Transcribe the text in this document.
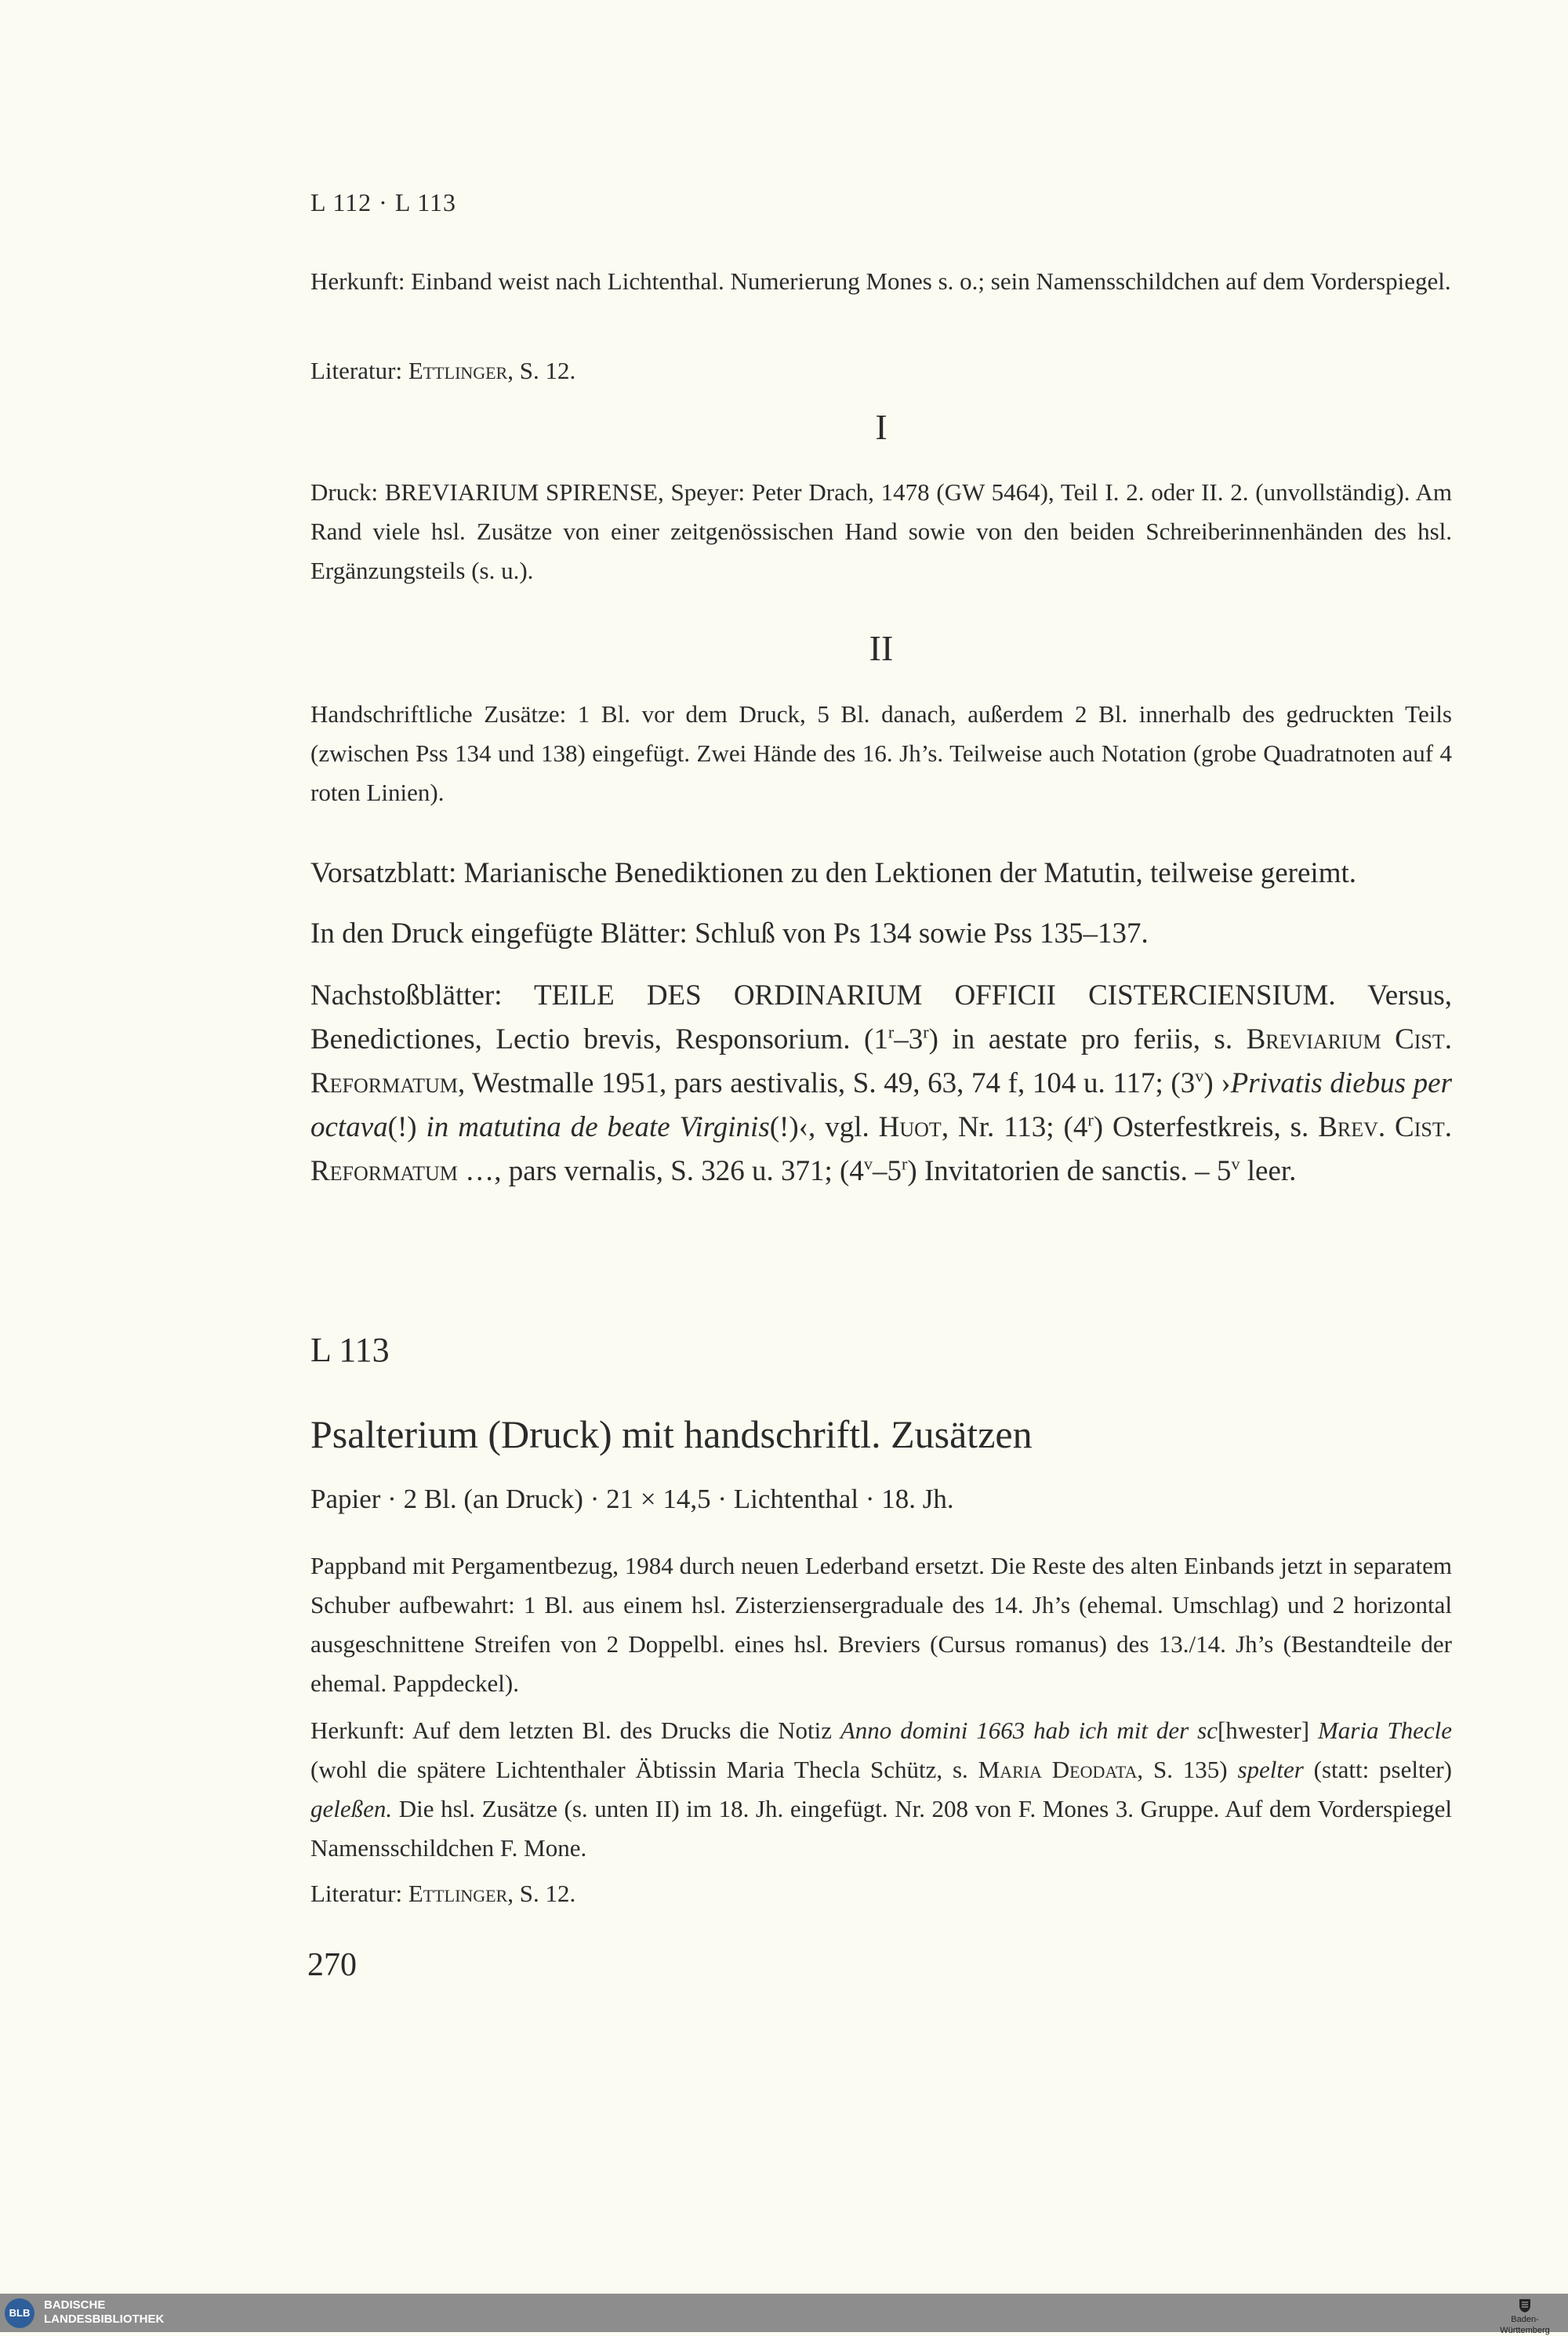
L 112 · L 113

Herkunft: Einband weist nach Lichtenthal. Numerierung Mones s. o.; sein Namensschildchen auf dem Vorderspiegel.

Literatur: Ettlinger, S. 12.

I

Druck: BREVIARIUM SPIRENSE, Speyer: Peter Drach, 1478 (GW 5464), Teil I. 2. oder II. 2. (unvollständig). Am Rand viele hsl. Zusätze von einer zeitgenössischen Hand sowie von den beiden Schreiberinnenhänden des hsl. Ergänzungsteils (s. u.).

II

Handschriftliche Zusätze: 1 Bl. vor dem Druck, 5 Bl. danach, außerdem 2 Bl. innerhalb des gedruckten Teils (zwischen Pss 134 und 138) eingefügt. Zwei Hände des 16. Jh’s. Teilweise auch Notation (grobe Quadratnoten auf 4 roten Linien).

Vorsatzblatt: Marianische Benediktionen zu den Lektionen der Matutin, teilweise gereimt.

In den Druck eingefügte Blätter: Schluß von Ps 134 sowie Pss 135–137.

Nachstoßblätter: TEILE DES ORDINARIUM OFFICII CISTERCIENSIUM. Versus, Benedictiones, Lectio brevis, Responsorium. (1$^r$–3$^r$) in aestate pro feriis, s. Breviarium Cist. Reformatum, Westmalle 1951, pars aestivalis, S. 49, 63, 74 f, 104 u. 117; (3$^v$) ›Privatis diebus per octava(!) in matutina de beate Virginis(!)‹, vgl. Huot, Nr. 113; (4$^r$) Osterfestkreis, s. Brev. Cist. Reformatum …, pars vernalis, S. 326 u. 371; (4$^v$–5$^r$) Invitatorien de sanctis. – 5$^v$ leer.

L 113
Psalterium (Druck) mit handschriftl. Zusätzen
Papier · 2 Bl. (an Druck) · 21 × 14,5 · Lichtenthal · 18. Jh.

Pappband mit Pergamentbezug, 1984 durch neuen Lederband ersetzt. Die Reste des alten Einbands jetzt in separatem Schuber aufbewahrt: 1 Bl. aus einem hsl. Zisterziensergraduale des 14. Jh’s (ehemal. Umschlag) und 2 horizontal ausgeschnittene Streifen von 2 Doppelbl. eines hsl. Breviers (Cursus romanus) des 13./14. Jh’s (Bestandteile der ehemal. Pappdeckel).

Herkunft: Auf dem letzten Bl. des Drucks die Notiz Anno domini 1663 hab ich mit der sc[hwester] Maria Thecle (wohl die spätere Lichtenthaler Äbtissin Maria Thecla Schütz, s. Maria Deodata, S. 135) spelter (statt: pselter) geleßen. Die hsl. Zusätze (s. unten II) im 18. Jh. eingefügt. Nr. 208 von F. Mones 3. Gruppe. Auf dem Vorderspiegel Namensschildchen F. Mone.

Literatur: Ettlinger, S. 12.

270
BLB
BADISCHE
LANDESBIBLIOTHEK	Baden-Württemberg
